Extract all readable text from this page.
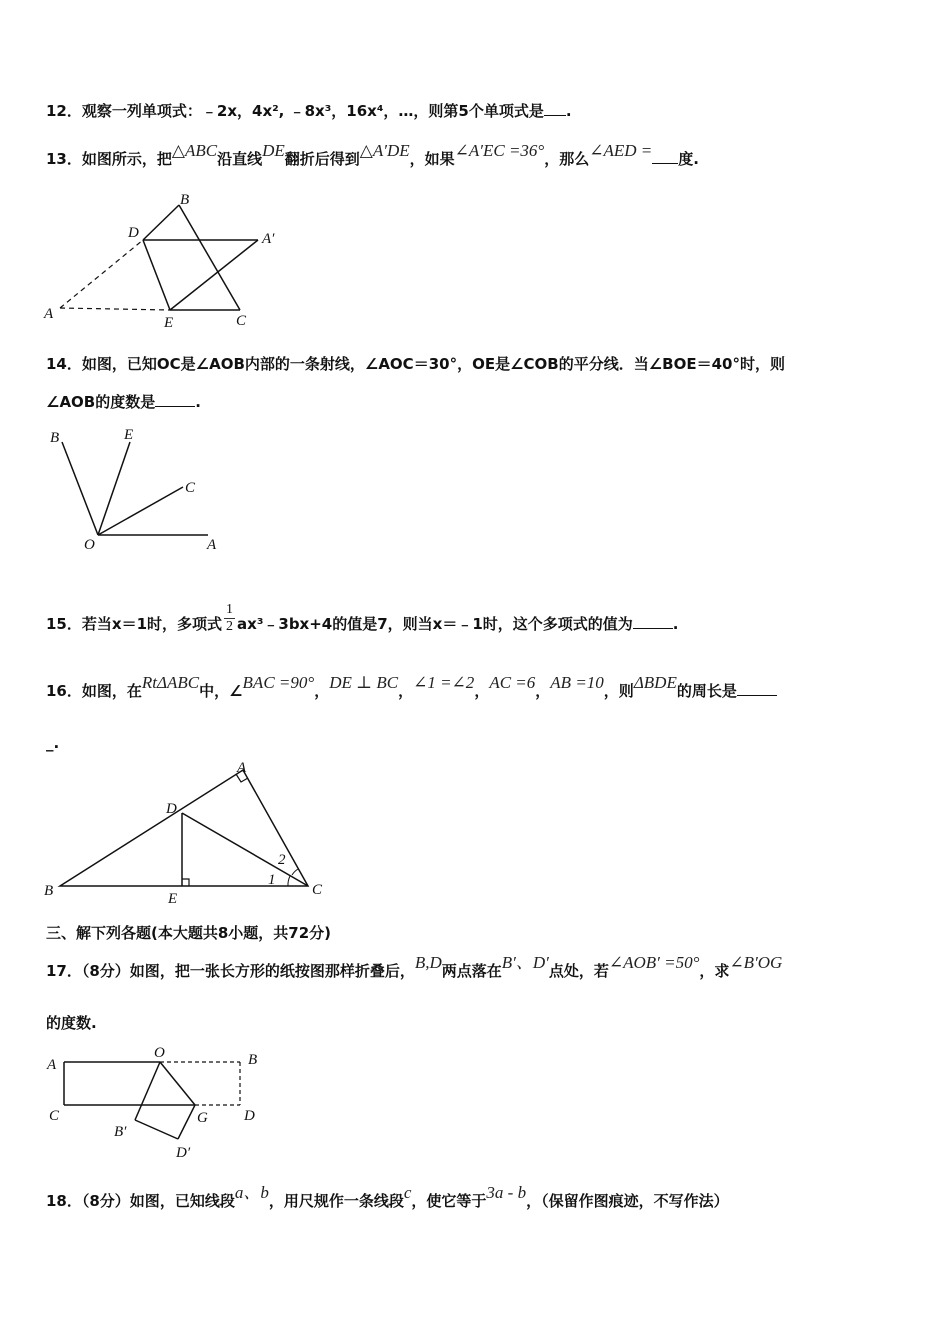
12．观察一列单项式：﹣2x，4x², ﹣8x³，16x⁴，…，则第5个单项式是 .
13．如图所示，把△ABC沿直线DE翻折后得到△A′DE，如果∠A′EC =36°，那么∠AED = 度.
B
D	A′
A
E	C
14．如图，已知OC是∠AOB内部的一条射线，∠AOC＝30°，OE是∠COB的平分线．当∠BOE＝40°时，则
∠AOB的度数是	.
B	E
C
O	A
15．若当x＝1时，多项式 $\frac{1}{2}$ ax³﹣3bx+4的值是7，则当x＝﹣1时，这个多项式的值为	.
16．如图，在RtΔABC中，∠BAC =90°，DE ⊥ BC，∠1 =∠2，AC =6，AB =10，则ΔBDE的周长是
_.
A
D
B	E
C
1
2
三、解下列各题(本大题共8小题，共72分)
17．（8分）如图，把一张长方形的纸按图那样折叠后，B,D两点落在B′、D′点处，若∠AOB′ =50°，求∠B′OG
的度数.
A
O	B
C	G D
B′
D′
18．（8分）如图，已知线段a、b，用尺规作一条线段c，使它等于3a - b，（保留作图痕迹，不写作法）
